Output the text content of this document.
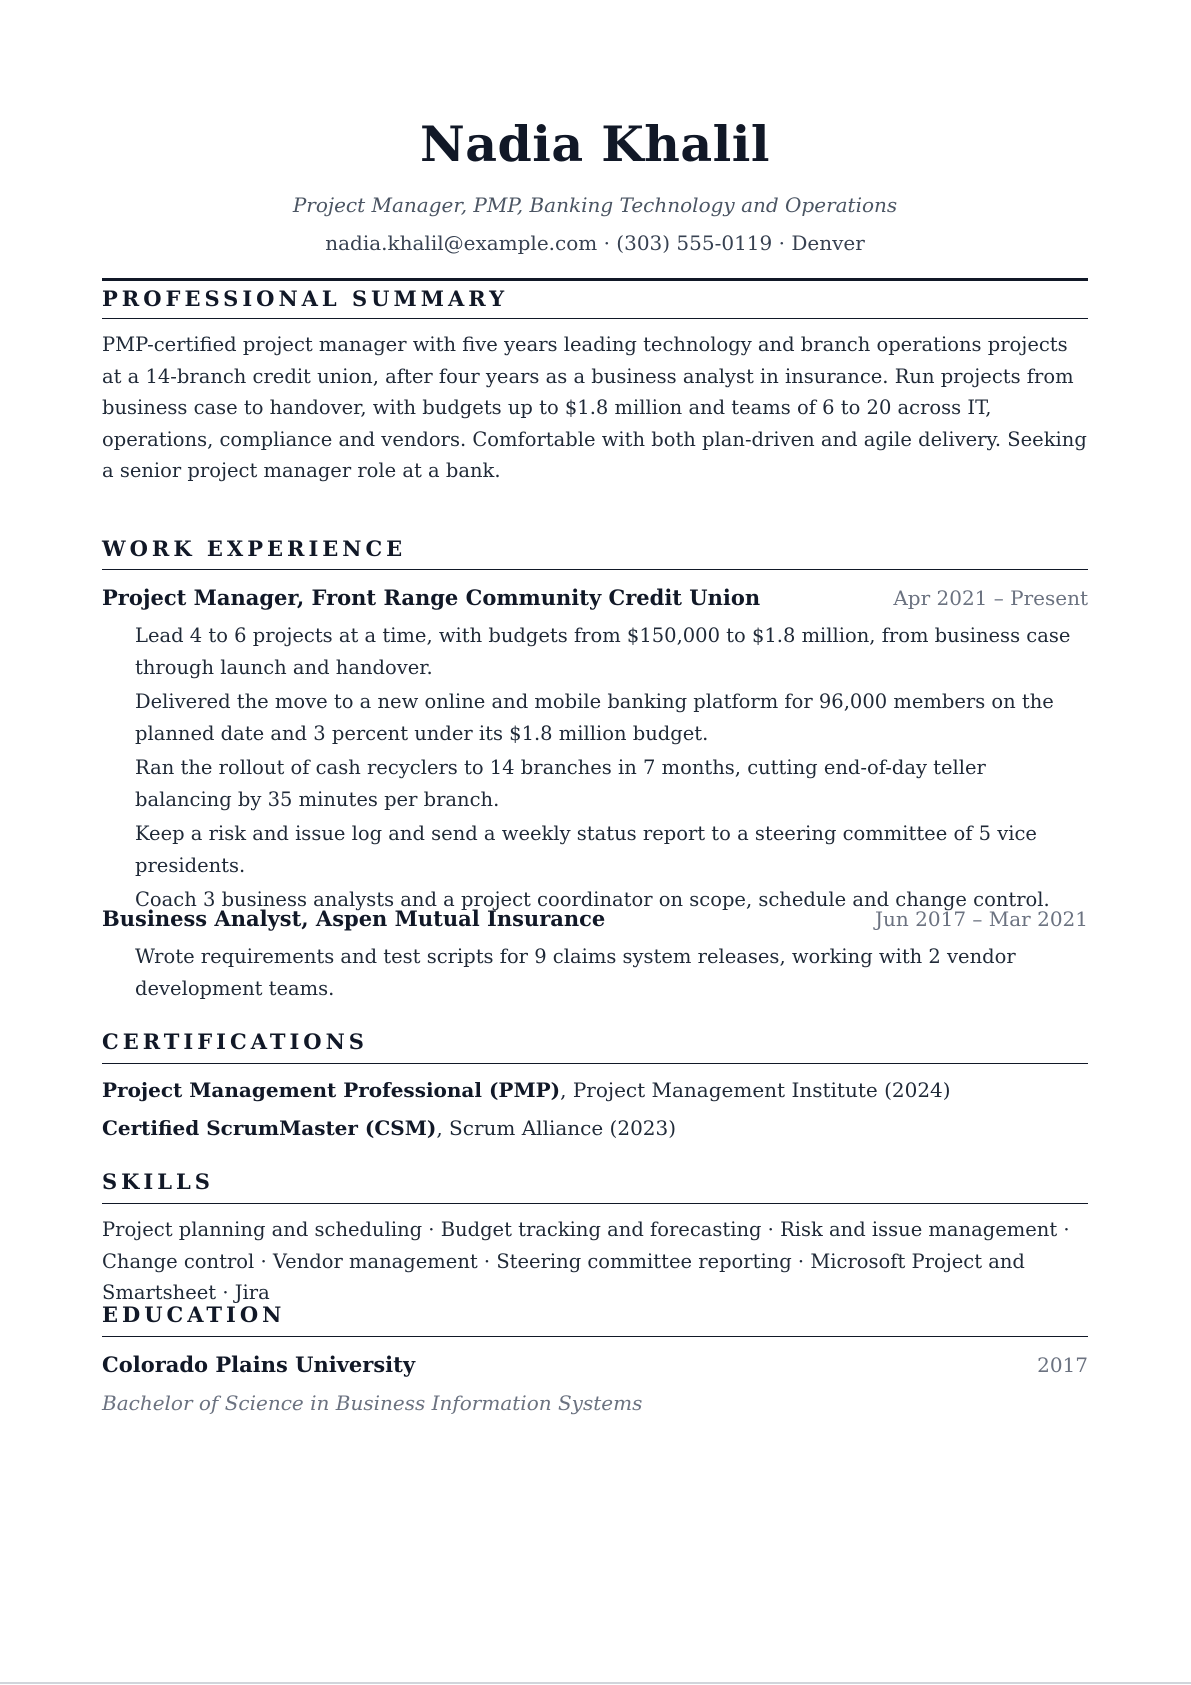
Nadia Khalil
Project Manager, PMP, Banking Technology and Operations
nadia.khalil@example.com · (303) 555-0119 · Denver
PROFESSIONAL SUMMARY
PMP-certified project manager with five years leading technology and branch operations projects at a 14-branch credit union, after four years as a business analyst in insurance. Run projects from business case to handover, with budgets up to $1.8 million and teams of 6 to 20 across IT, operations, compliance and vendors. Comfortable with both plan-driven and agile delivery. Seeking a senior project manager role at a bank.
WORK EXPERIENCE
Project Manager, Front Range Community Credit Union	Apr 2021 – Present
Lead 4 to 6 projects at a time, with budgets from $150,000 to $1.8 million, from business case through launch and handover.
Delivered the move to a new online and mobile banking platform for 96,000 members on the planned date and 3 percent under its $1.8 million budget.
Ran the rollout of cash recyclers to 14 branches in 7 months, cutting end-of-day teller balancing by 35 minutes per branch.
Keep a risk and issue log and send a weekly status report to a steering committee of 5 vice presidents.
Coach 3 business analysts and a project coordinator on scope, schedule and change control.
Business Analyst, Aspen Mutual Insurance	Jun 2017 – Mar 2021
Wrote requirements and test scripts for 9 claims system releases, working with 2 vendor development teams.
CERTIFICATIONS
Project Management Professional (PMP), Project Management Institute (2024)
Certified ScrumMaster (CSM), Scrum Alliance (2023)
SKILLS
Project planning and scheduling · Budget tracking and forecasting · Risk and issue management · Change control · Vendor management · Steering committee reporting · Microsoft Project and Smartsheet · Jira
EDUCATION
Colorado Plains University	2017
Bachelor of Science in Business Information Systems
